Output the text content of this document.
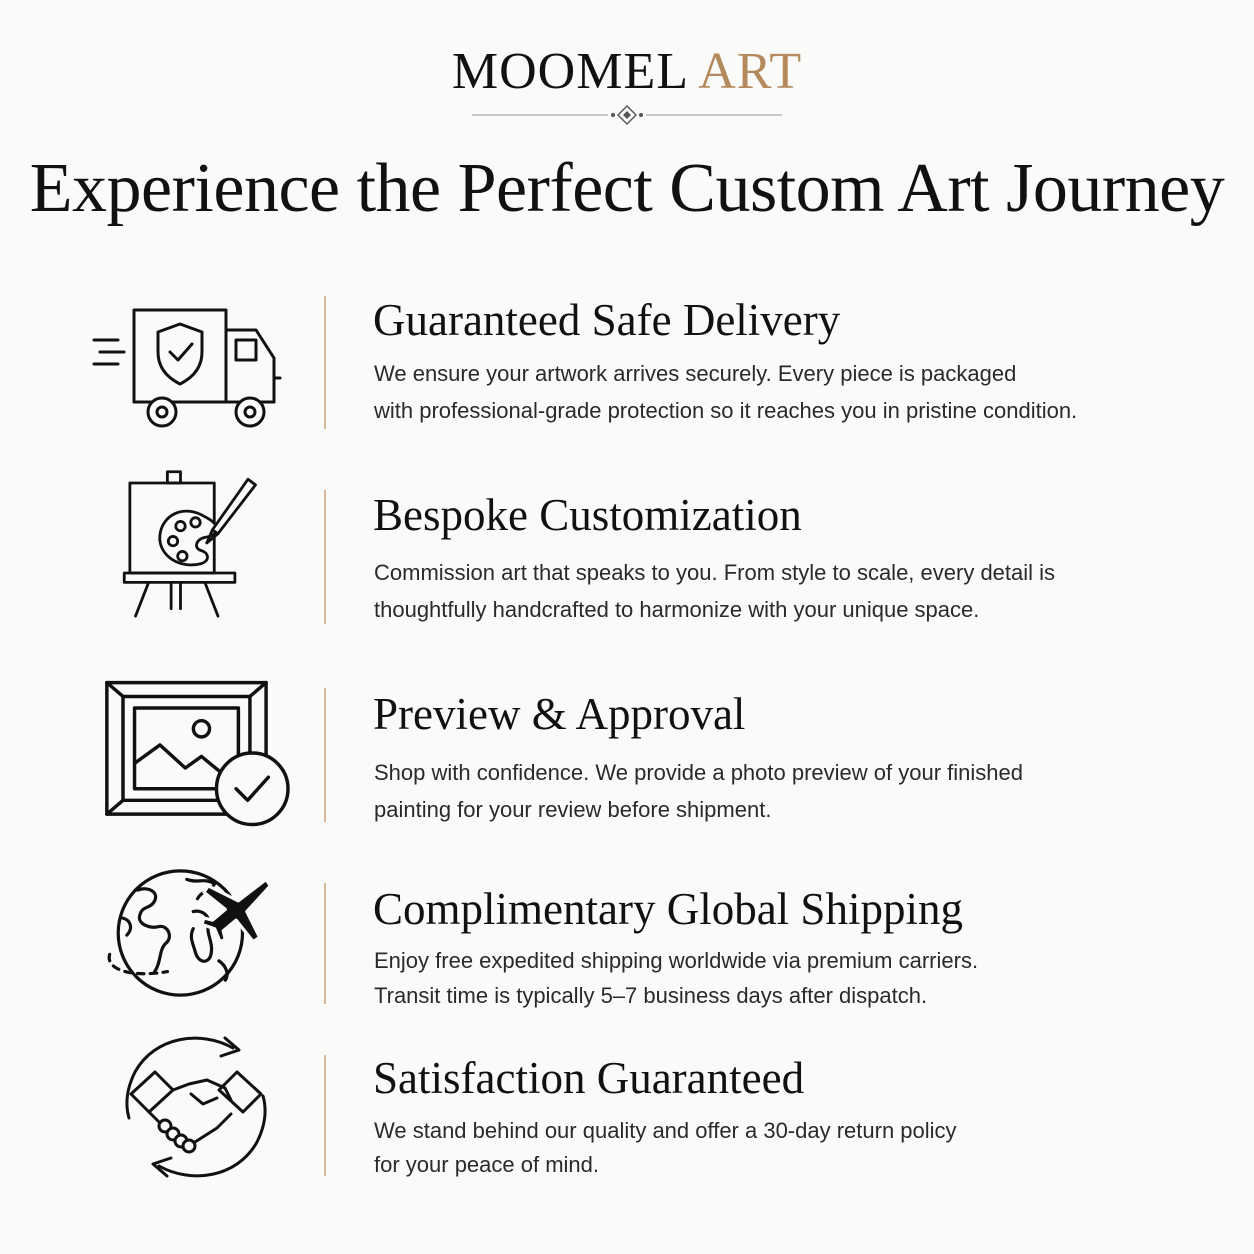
MOOMEL ART
Experience the Perfect Custom Art Journey
Guaranteed Safe Delivery
We ensure your artwork arrives securely. Every piece is packaged
with professional-grade protection so it reaches you in pristine condition.
Bespoke Customization
Commission art that speaks to you. From style to scale, every detail is
thoughtfully handcrafted to harmonize with your unique space.
Preview & Approval
Shop with confidence. We provide a photo preview of your finished
painting for your review before shipment.
Complimentary Global Shipping
Enjoy free expedited shipping worldwide via premium carriers.
Transit time is typically 5–7 business days after dispatch.
Satisfaction Guaranteed
We stand behind our quality and offer a 30-day return policy
for your peace of mind.
